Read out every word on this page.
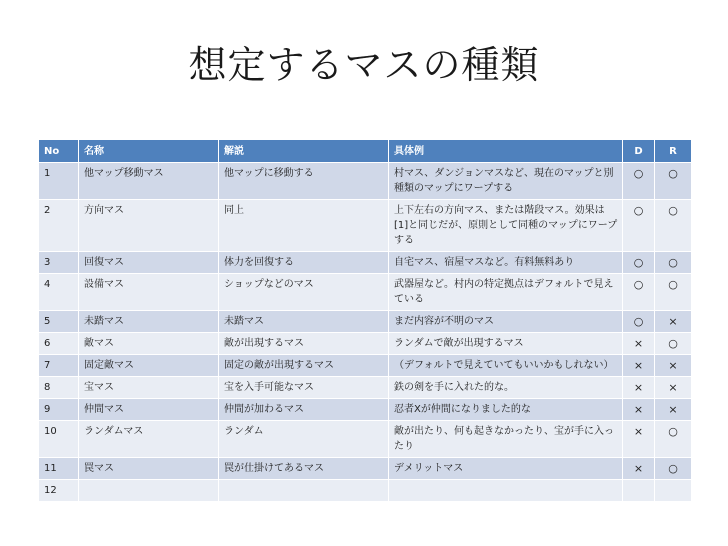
想定するマスの種類
No	名称	解説	具体例	D	R
1	他マップ移動マス	他マップに移動する	村マス、ダンジョンマスなど、現在のマップと別種類のマップにワープする	○	○
2	方向マス	同上	上下左右の方向マス、または階段マス。効果は[1]と同じだが、原則として同種のマップにワープする	○	○
3	回復マス	体力を回復する	自宅マス、宿屋マスなど。有料無料あり	○	○
4	設備マス	ショップなどのマス	武器屋など。村内の特定拠点はデフォルトで見えている	○	○
5	未踏マス	未踏マス	まだ内容が不明のマス	○	×
6	敵マス	敵が出現するマス	ランダムで敵が出現するマス	×	○
7	固定敵マス	固定の敵が出現するマス	（デフォルトで見えていてもいいかもしれない）	×	×
8	宝マス	宝を入手可能なマス	鉄の剣を手に入れた的な。	×	×
9	仲間マス	仲間が加わるマス	忍者Xが仲間になりました的な	×	×
10	ランダムマス	ランダム	敵が出たり、何も起きなかったり、宝が手に入ったり	×	○
11	罠マス	罠が仕掛けてあるマス	デメリットマス	×	○
12					
